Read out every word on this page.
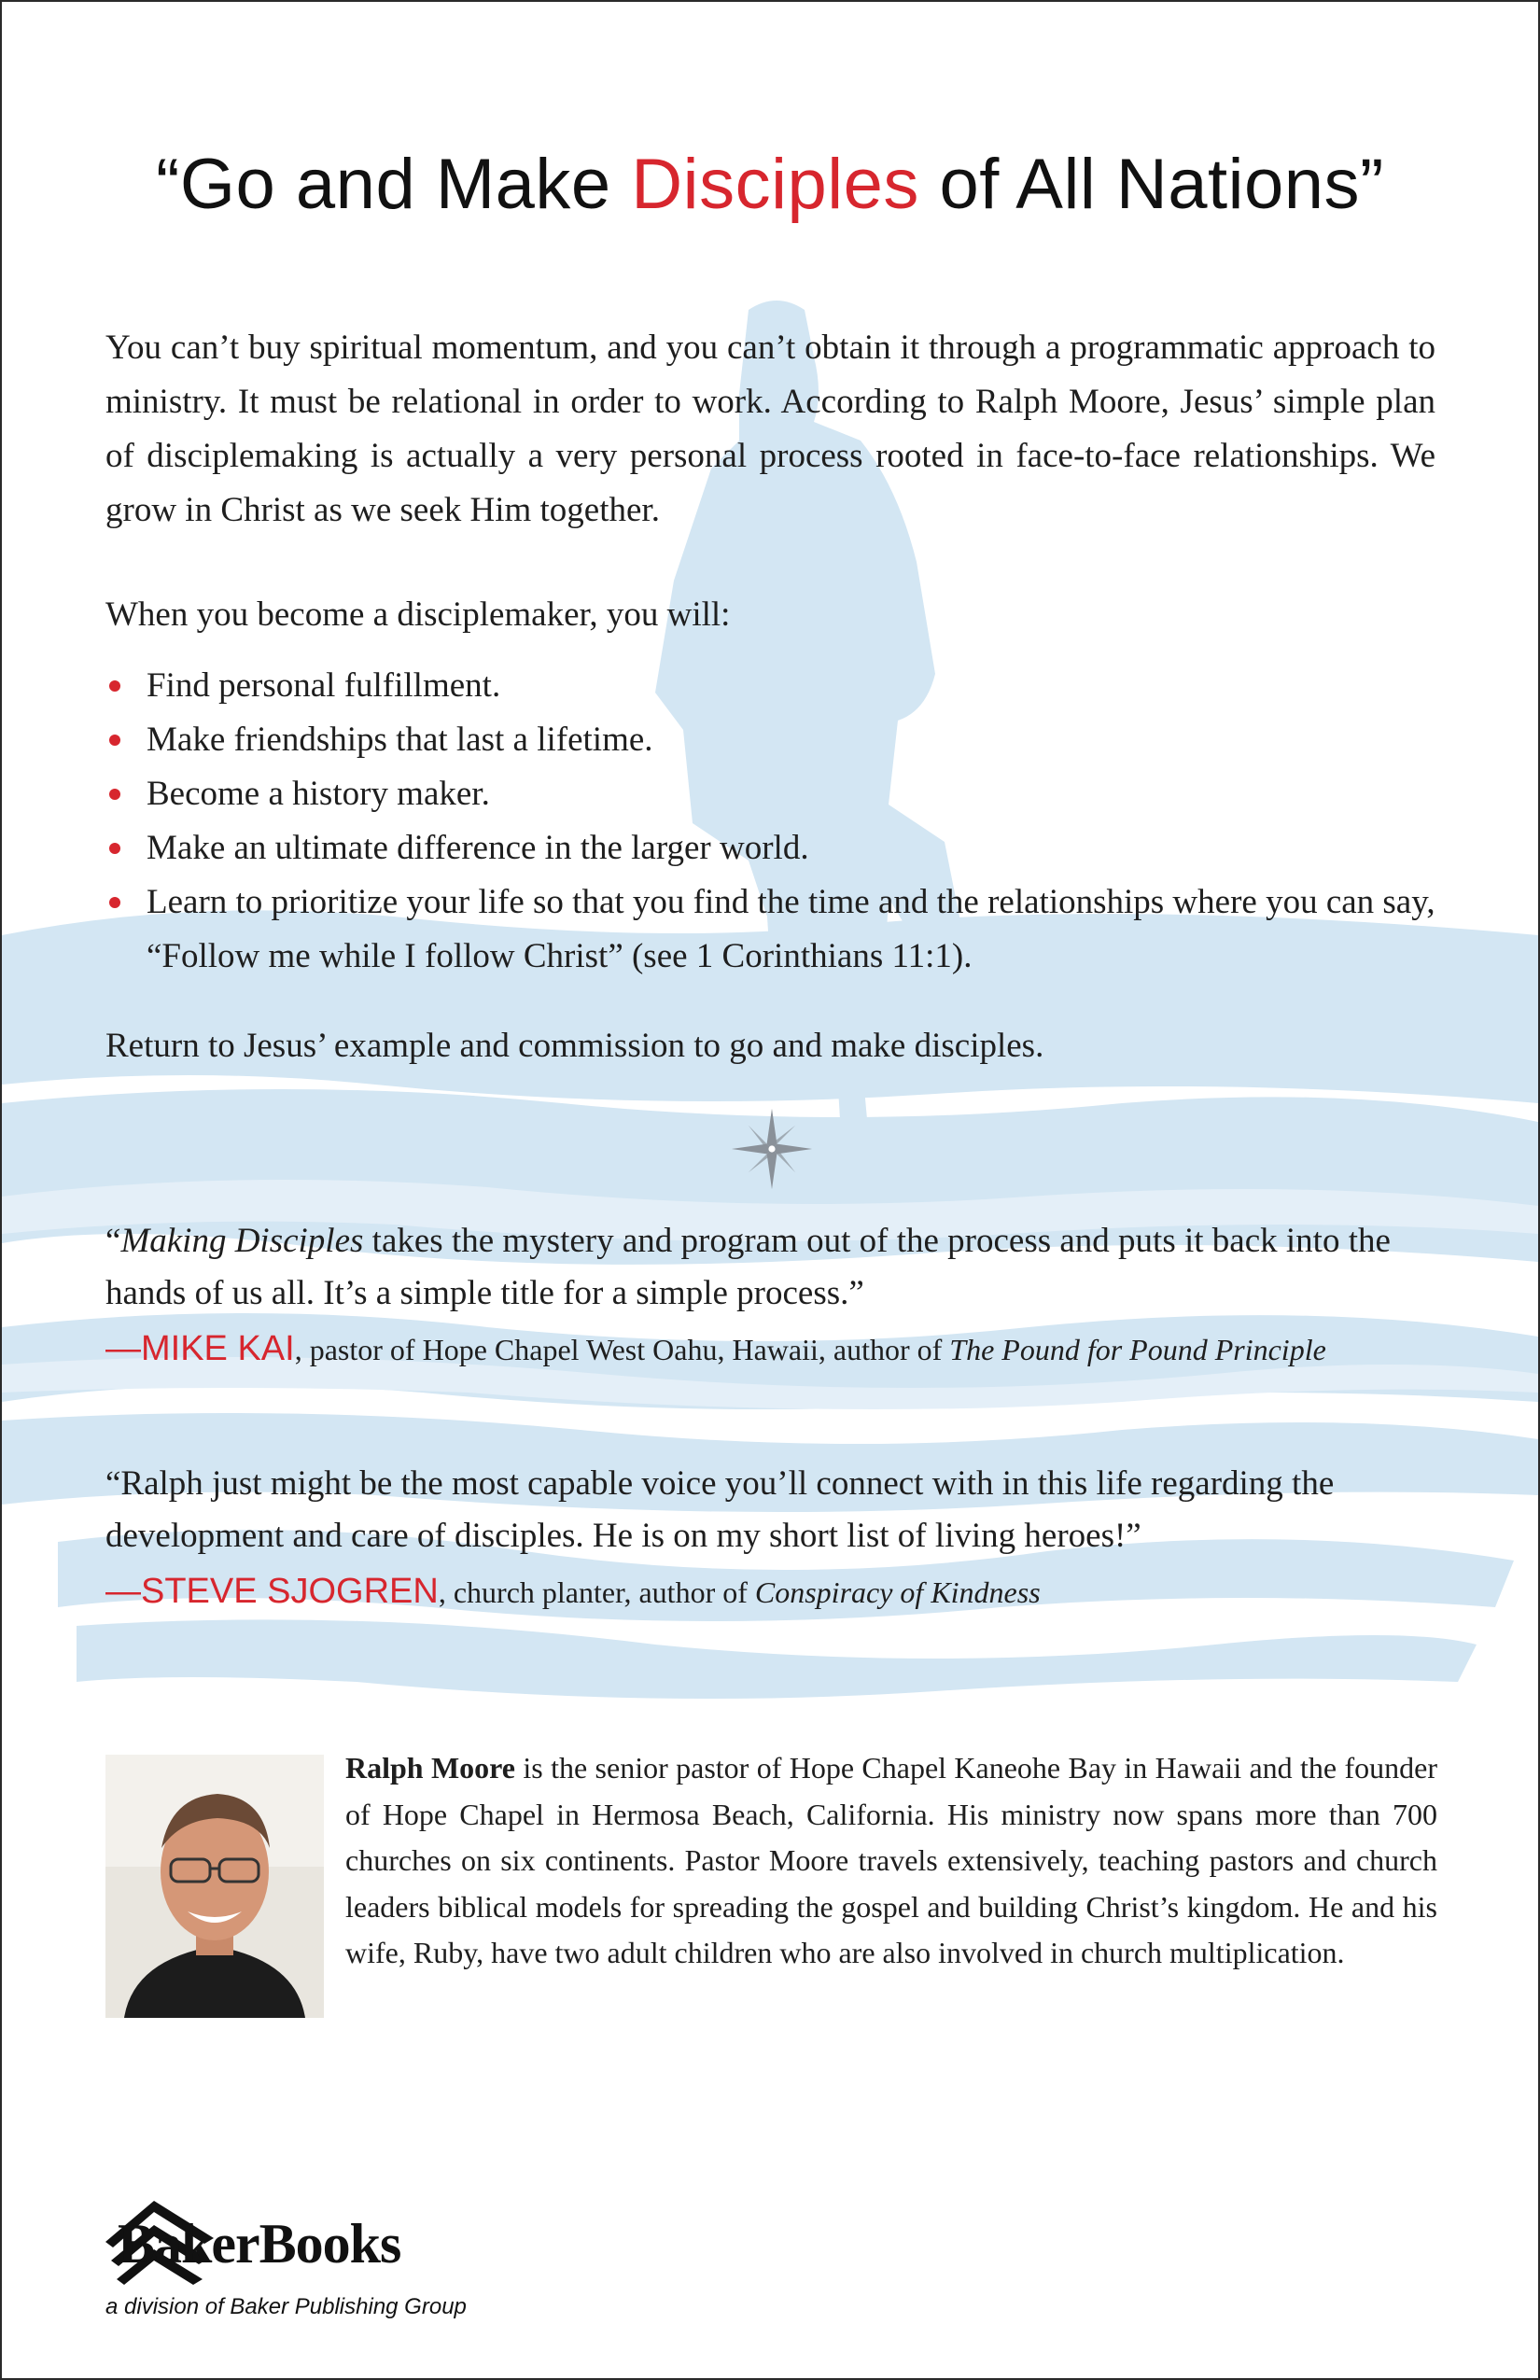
“Go and Make Disciples of All Nations”

You can’t buy spiritual momentum, and you can’t obtain it through a programmatic approach to ministry. It must be relational in order to work. According to Ralph Moore, Jesus’ simple plan of disciplemaking is actually a very personal process rooted in face-to-face relationships. We grow in Christ as we seek Him together.

When you become a disciplemaker, you will:

Find personal fulfillment.
Make friendships that last a lifetime.
Become a history maker.
Make an ultimate difference in the larger world.
Learn to prioritize your life so that you find the time and the relationships where you can say, “Follow me while I follow Christ” (see 1 Corinthians 11:1).

Return to Jesus’ example and commission to go and make disciples.

“Making Disciples takes the mystery and program out of the process and puts it back into the hands of us all. It’s a simple title for a simple process.”

—MIKE KAI, pastor of Hope Chapel West Oahu, Hawaii, author of The Pound for Pound Principle

“Ralph just might be the most capable voice you’ll connect with in this life regarding the development and care of disciples. He is on my short list of living heroes!”

—STEVE SJOGREN, church planter, author of Conspiracy of Kindness

Ralph Moore is the senior pastor of Hope Chapel Kaneohe Bay in Hawaii and the founder of Hope Chapel in Hermosa Beach, California. His ministry now spans more than 700 churches on six continents. Pastor Moore travels extensively, teaching pastors and church leaders biblical models for spreading the gospel and building Christ’s kingdom. He and his wife, Ruby, have two adult children who are also involved in church multiplication.

BakerBooks
a division of Baker Publishing Group
